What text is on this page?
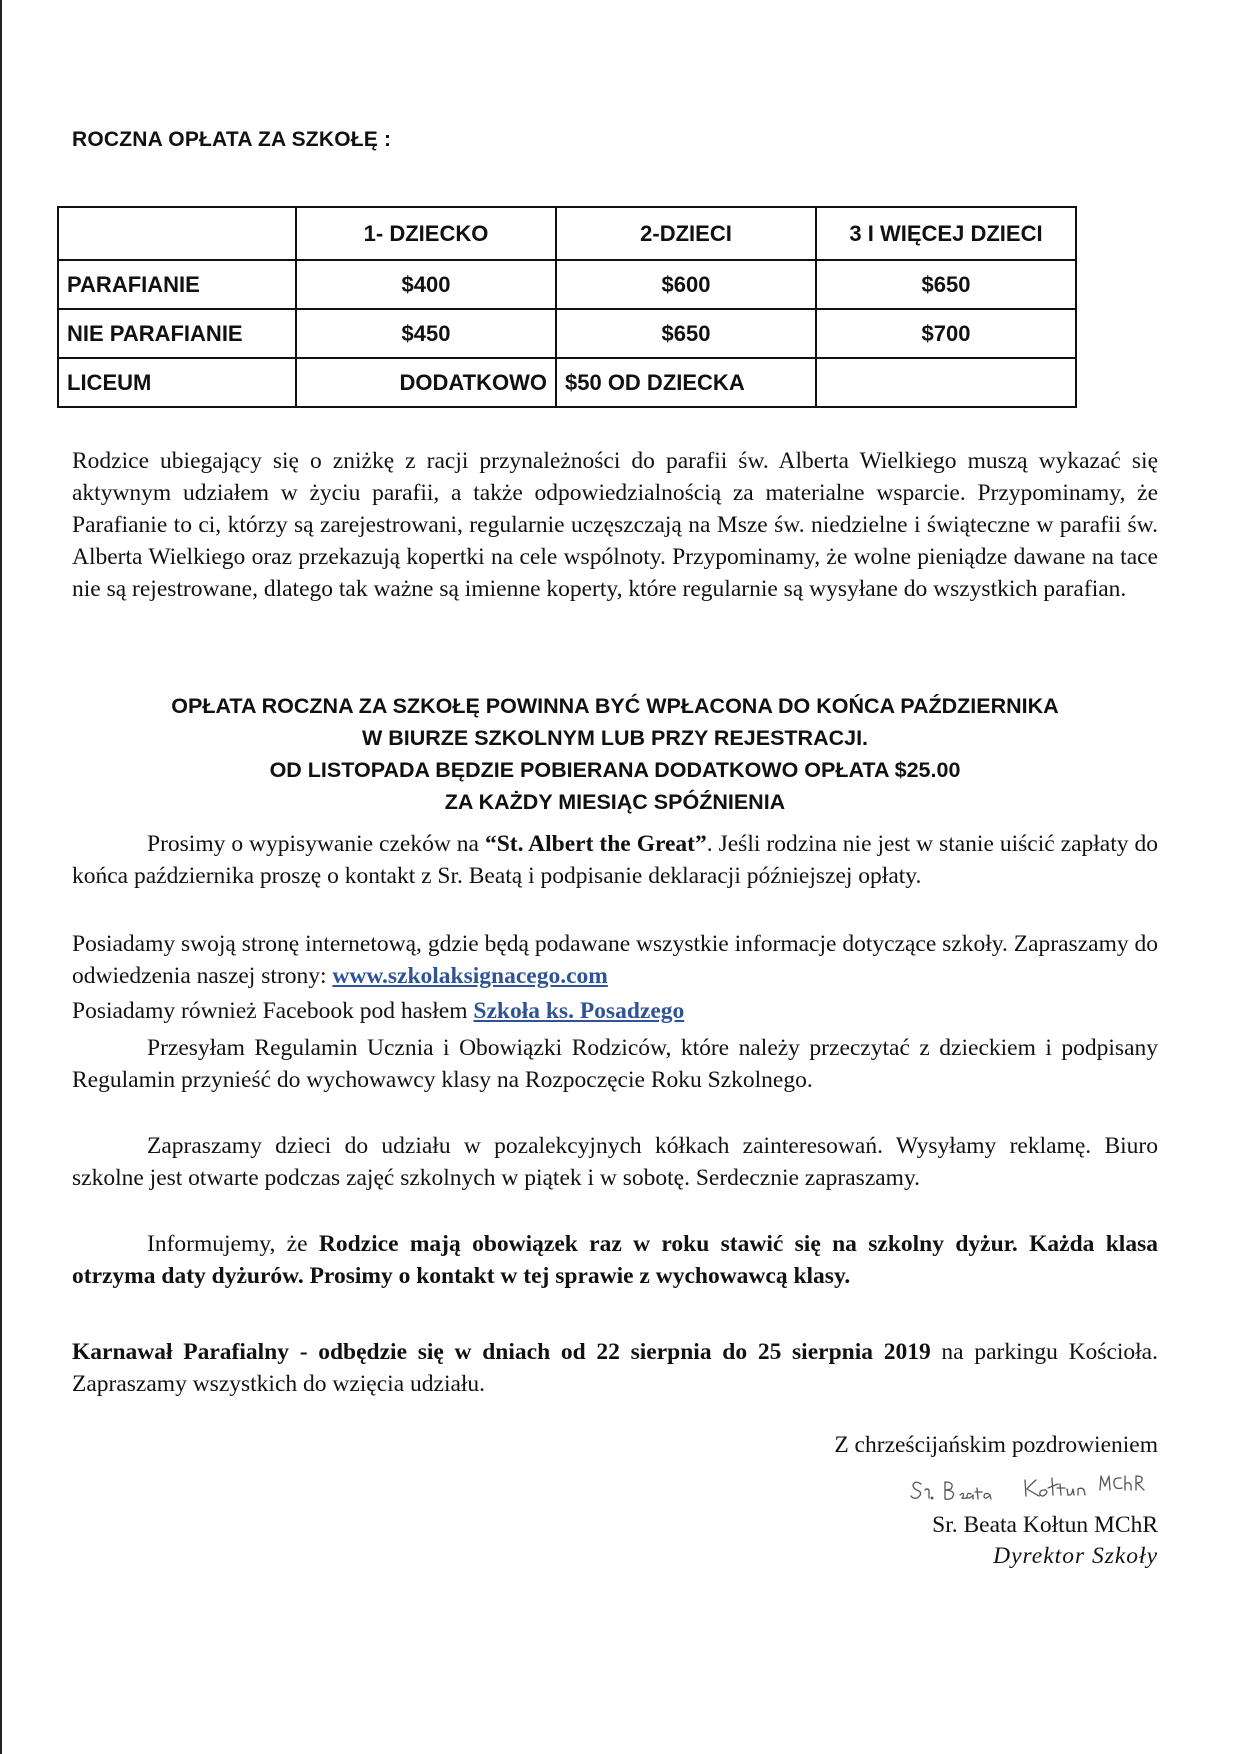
ROCZNA OPŁATA ZA SZKOŁĘ :
	1- DZIECKO	2-DZIECI	3 I WIĘCEJ DZIECI
PARAFIANIE	$400	$600	$650
NIE PARAFIANIE	$450	$650	$700
LICEUM	DODATKOWO	$50 OD DZIECKA	
Rodzice ubiegający się o zniżkę z racji przynależności do parafii św. Alberta Wielkiego muszą wykazać się aktywnym udziałem w życiu parafii, a także odpowiedzialnością za materialne wsparcie. Przypominamy, że Parafianie to ci, którzy są zarejestrowani, regularnie uczęszczają na Msze św. niedzielne i świąteczne w parafii św. Alberta Wielkiego oraz przekazują kopertki na cele wspólnoty. Przypominamy, że wolne pieniądze dawane na tace nie są rejestrowane, dlatego tak ważne są imienne koperty, które regularnie są wysyłane do wszystkich parafian.
OPŁATA ROCZNA ZA SZKOŁĘ POWINNA BYĆ WPŁACONA DO KOŃCA PAŹDZIERNIKA
W BIURZE SZKOLNYM LUB PRZY REJESTRACJI.
OD LISTOPADA BĘDZIE POBIERANA DODATKOWO OPŁATA $25.00
ZA KAŻDY MIESIĄC SPÓŹNIENIA
Prosimy o wypisywanie czeków na “St. Albert the Great”. Jeśli rodzina nie jest w stanie uiścić zapłaty do końca października proszę o kontakt z Sr. Beatą i podpisanie deklaracji późniejszej opłaty.
Posiadamy swoją stronę internetową, gdzie będą podawane wszystkie informacje dotyczące szkoły. Zapraszamy do odwiedzenia naszej strony: www.szkolaksignacego.com
Posiadamy również Facebook pod hasłem Szkoła ks. Posadzego
Przesyłam Regulamin Ucznia i Obowiązki Rodziców, które należy przeczytać z dzieckiem i podpisany Regulamin przynieść do wychowawcy klasy na Rozpoczęcie Roku Szkolnego.
Zapraszamy dzieci do udziału w pozalekcyjnych kółkach zainteresowań. Wysyłamy reklamę. Biuro szkolne jest otwarte podczas zajęć szkolnych w piątek i w sobotę. Serdecznie zapraszamy.
Informujemy, że Rodzice mają obowiązek raz w roku stawić się na szkolny dyżur. Każda klasa otrzyma daty dyżurów. Prosimy o kontakt w tej sprawie z wychowawcą klasy.
Karnawał Parafialny - odbędzie się w dniach od 22 sierpnia do 25 sierpnia 2019 na parkingu Kościoła. Zapraszamy wszystkich do wzięcia udziału.
Z chrześcijańskim pozdrowieniem
Sr. Beata Kołtun MChR
Dyrektor Szkoły
